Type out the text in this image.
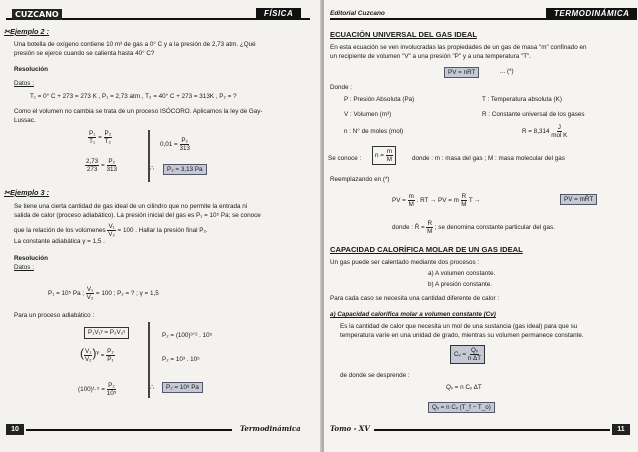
CUZCANO	FÍSICA
✂Ejemplo 2 :
Una botella de oxígeno contiene 10 m³ de gas a 0° C y a la presión de 2,73 atm. ¿Qué
presión se ejerce cuando se calienta hasta 40° C?
Resolución
Datos :
T₁ = 0° C + 273 = 273 K , P₁ = 2,73 atm , T₂ = 40° C + 273 = 313K , P₂ = ?
Como el volumen no cambia se trata de un proceso ISÓCORO. Aplicamos la ley de Gay-
Lussac.
$\frac{\text{P₁}}{\text{T₁}} = \frac{\text{P₂}}{\text{T₂}}$
$\frac{2,73}{273} = \frac{\text{P₂}}{313}$
$0,01 = \frac{\text{P₂}}{313}$
∴	P₂ = 3,13 Pa
✂Ejemplo 3 :
Se tiene una cierta cantidad de gas ideal de un cilindro que no permite la entrada ni
salida de calor (proceso adiabático). La presión inicial del gas es P₁ = 10⁵ Pa; se conoce
que la relación de los volúmenes $\frac{\text{V₁}}{\text{V₂}} = 100$ . Hallar la presión final P₂.
La constante adiabática γ = 1,5 .
Resolución
Datos :
P₁ = 10⁵ Pa ; $\frac{\text{V₁}}{\text{V₂}} = 100$ ; P₂ = ? ; γ = 1,5
Para un proceso adiabático :
P₁V₁ᵞ = P₂V₂ᵞ
( $\frac{\text{V₁}}{\text{V₂}} )^\gamma = \frac{\text{P₂}}{\text{P₁}}$
$(100)^1\cdot^5 = \frac{\text{P₂}}{\text{10⁵}}$
P₂ = (100)³ᐟ² . 10⁵
P₂ = 10³ . 10⁵
∴	P₂ = 10⁸ Pa
10	Termodinámica
Editorial Cuzcano	TERMODINÁMICA
ECUACIÓN UNIVERSAL DEL GAS IDEAL
En esta ecuación se ven involucradas las propiedades de un gas de masa "m" confinado en
un recipiente de volumen "V" a una presión "P" y a una temperatura "T".
PV = nRT	... (*)
Donde :
P : Presión Absoluta (Pa)
V : Volumen (m³)
n : N° de moles (mol)
T : Temperatura absoluta (K)
R : Constante universal de los gases
$R = 8,314 \frac{J}{\text{mol K}}$
Se conoce :	$n = \frac{m}{M}$	donde : m : masa del gas ; M : masa molecular del gas
Reemplazando en (*)
PV = $\frac{m}{M}$ . RT → PV = m $\frac{R}{M}$ T →	PV = mR̄T
donde : R̄ = $\frac{R}{M}$ ; se denomina constante particular del gas.
CAPACIDAD CALORÍFICA MOLAR DE UN GAS IDEAL
Un gas puede ser calentado mediante dos procesos :
a) A volumen constante.
b) A presión constante.
Para cada caso se necesita una cantidad diferente de calor :
a) Capacidad calorífica molar a volumen constante (Cv)
Es la cantidad de calor que necesita un mol de una sustancia (gas ideal) para que su
temperatura varíe en una unidad de grado, mientras su volumen permanece constante.
Cᵥ = $\frac{\text{Qᵥ}}{\text{n ΔT}}$
de donde se desprende :
Qᵥ = n Cᵥ ΔT
Qᵥ = n Cᵥ (T_f − T_o)
Tomo - XV	11
